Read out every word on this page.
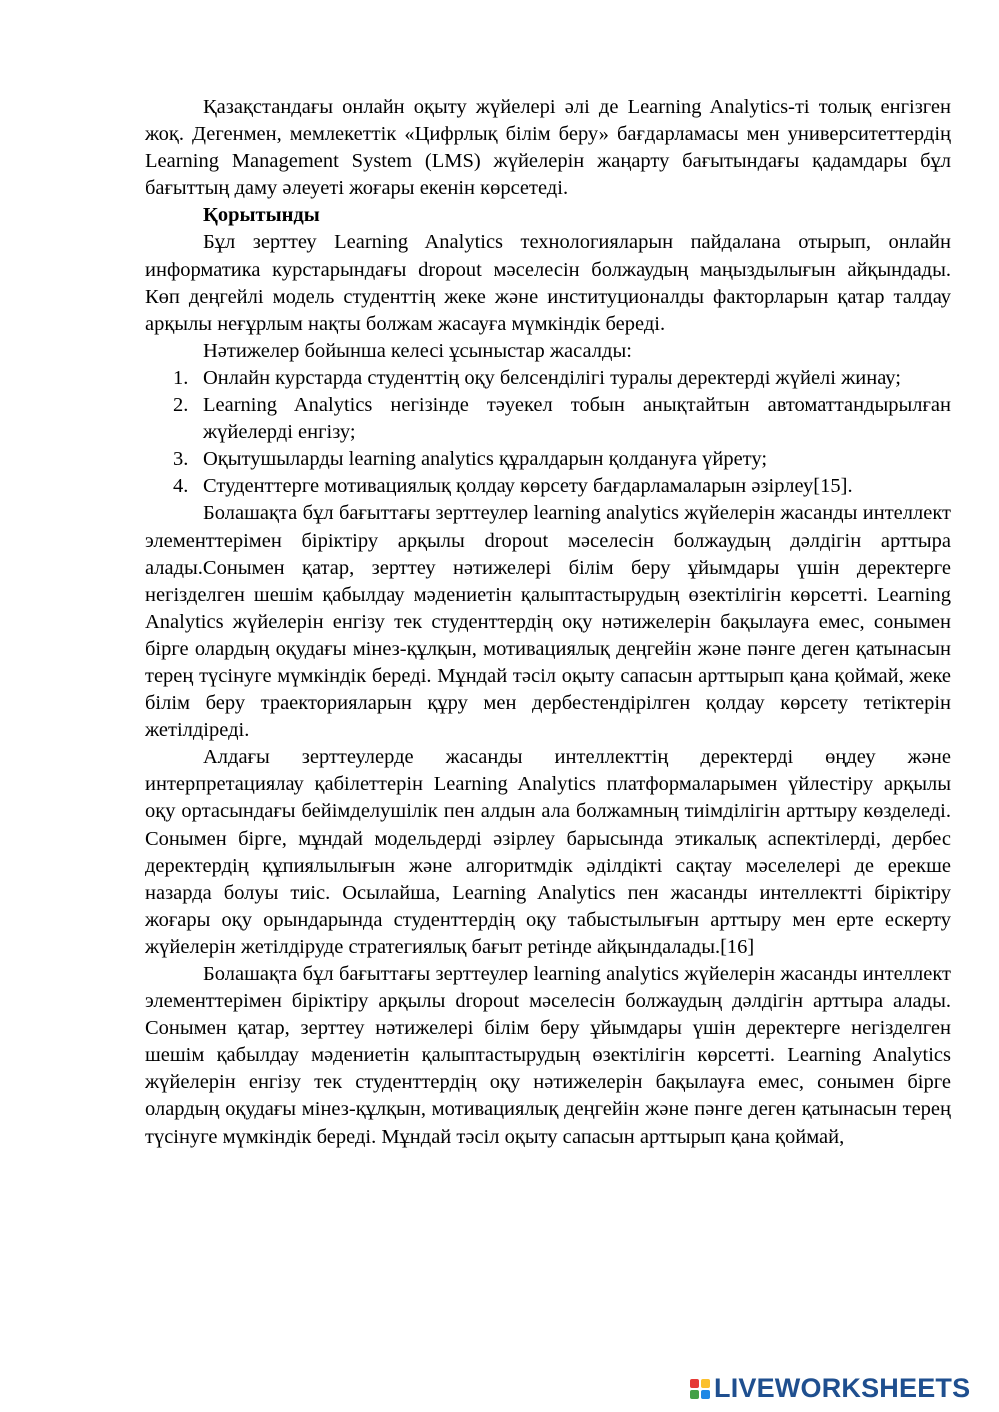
Қазақстандағы онлайн оқыту жүйелері әлі де Learning Analytics-ті толық енгізген жоқ. Дегенмен, мемлекеттік «Цифрлық білім беру» бағдарламасы мен университеттердің Learning Management System (LMS) жүйелерін жаңарту бағытындағы қадамдары бұл бағыттың даму әлеуеті жоғары екенін көрсетеді.

Қорытынды

Бұл зерттеу Learning Analytics технологияларын пайдалана отырып, онлайн информатика курстарындағы dropout мәселесін болжаудың маңыздылығын айқындады. Көп деңгейлі модель студенттің жеке және институционалды факторларын қатар талдау арқылы неғұрлым нақты болжам жасауға мүмкіндік береді.

Нәтижелер бойынша келесі ұсыныстар жасалды:

1. Онлайн курстарда студенттің оқу белсенділігі туралы деректерді жүйелі жинау;
2. Learning Analytics негізінде тәуекел тобын анықтайтын автоматтандырылған жүйелерді енгізу;
3. Оқытушыларды learning analytics құралдарын қолдануға үйрету;
4. Студенттерге мотивациялық қолдау көрсету бағдарламаларын әзірлеу[15].

Болашақта бұл бағыттағы зерттеулер learning analytics жүйелерін жасанды интеллект элементтерімен біріктіру арқылы dropout мәселесін болжаудың дәлдігін арттыра алады.Сонымен қатар, зерттеу нәтижелері білім беру ұйымдары үшін деректерге негізделген шешім қабылдау мәдениетін қалыптастырудың өзектілігін көрсетті. Learning Analytics жүйелерін енгізу тек студенттердің оқу нәтижелерін бақылауға емес, сонымен бірге олардың оқудағы мінез-құлқын, мотивациялық деңгейін және пәнге деген қатынасын терең түсінуге мүмкіндік береді. Мұндай тәсіл оқыту сапасын арттырып қана қоймай, жеке білім беру траекторияларын құру мен дербестендірілген қолдау көрсету тетіктерін жетілдіреді.

Алдағы зерттеулерде жасанды интеллекттің деректерді өңдеу және интерпретациялау қабілеттерін Learning Analytics платформаларымен үйлестіру арқылы оқу ортасындағы бейімделушілік пен алдын ала болжамның тиімділігін арттыру көзделеді. Сонымен бірге, мұндай модельдерді әзірлеу барысында этикалық аспектілерді, дербес деректердің құпиялылығын және алгоритмдік әділдікті сақтау мәселелері де ерекше назарда болуы тиіс. Осылайша, Learning Analytics пен жасанды интеллектті біріктіру жоғары оқу орындарында студенттердің оқу табыстылығын арттыру мен ерте ескерту жүйелерін жетілдіруде стратегиялық бағыт ретінде айқындалады.[16]

Болашақта бұл бағыттағы зерттеулер learning analytics жүйелерін жасанды интеллект элементтерімен біріктіру арқылы dropout мәселесін болжаудың дәлдігін арттыра алады. Сонымен қатар, зерттеу нәтижелері білім беру ұйымдары үшін деректерге негізделген шешім қабылдау мәдениетін қалыптастырудың өзектілігін көрсетті. Learning Analytics жүйелерін енгізу тек студенттердің оқу нәтижелерін бақылауға емес, сонымен бірге олардың оқудағы мінез-құлқын, мотивациялық деңгейін және пәнге деген қатынасын терең түсінуге мүмкіндік береді. Мұндай тәсіл оқыту сапасын арттырып қана қоймай,

LIVEWORKSHEETS
